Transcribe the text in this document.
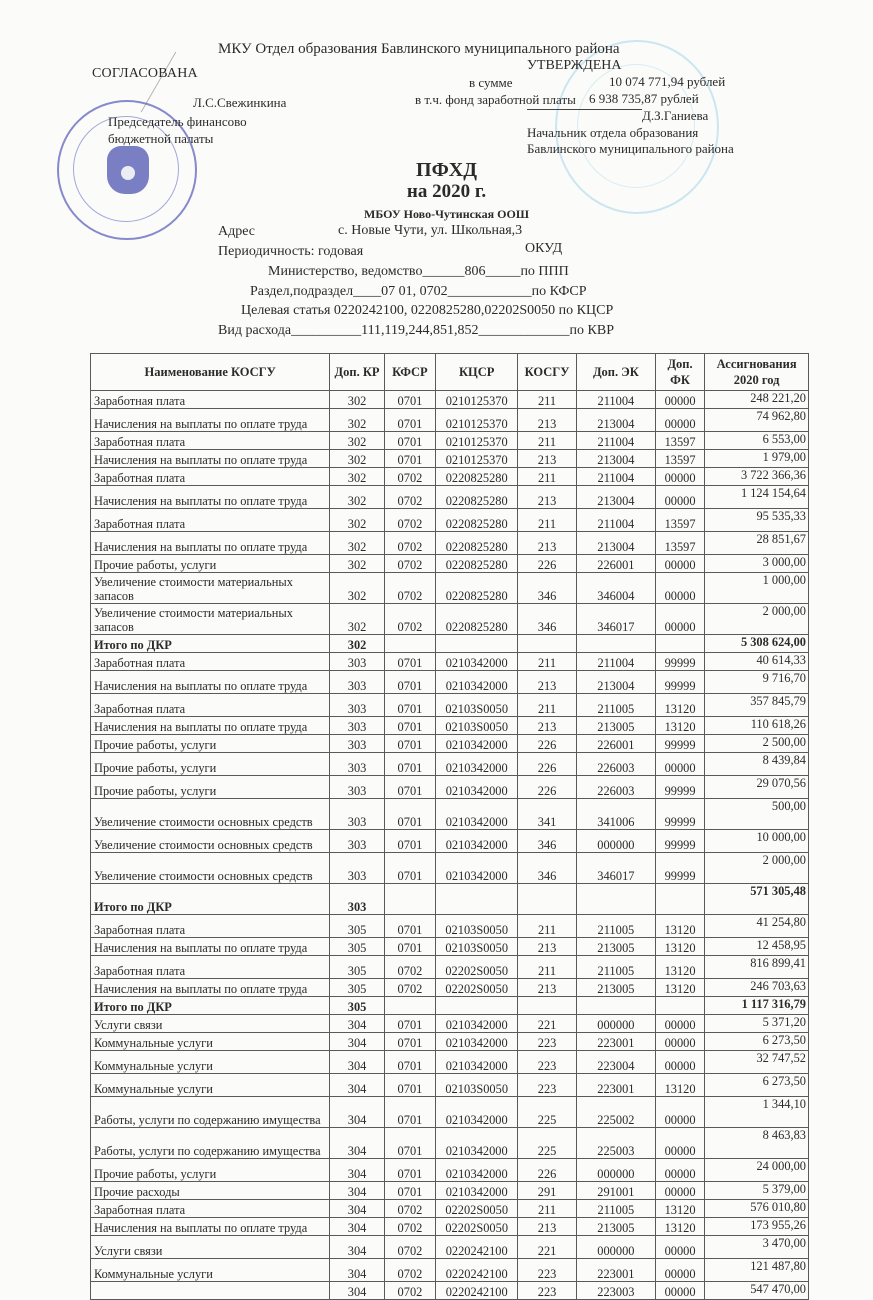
МКУ Отдел образования Бавлинского муниципального района
СОГЛАСОВАНА
Л.С.Свежинкина
Председатель финансово
бюджетной палаты
УТВЕРЖДЕНА
в сумме	10 074 771,94 рублей
в т.ч. фонд заработной платы 6 938 735,87 рублей
Д.З.Ганиева
Начальник отдела образования
Бавлинского муниципального района
ПФХД
на 2020 г.
МБОУ Ново-Чутинская ООШ
Адрес	с. Новые Чути, ул. Школьная,3
Периодичность: годовая	ОКУД
Министерство, ведомство______806_____по ППП
Раздел,подраздел____07 01, 0702____________по КФСР
Целевая статья 0220242100, 0220825280,02202S0050 по КЦСР
Вид расхода__________111,119,244,851,852_____________по КВР
Наименование КОСГУ	Доп. КР	КФСР	КЦСР	КОСГУ	Доп. ЭК	Доп. ФК	Ассигнования 2020 год
Заработная плата	302	0701	0210125370	211	211004	00000	248 221,20
Начисления на выплаты по оплате труда	302	0701	0210125370	213	213004	00000	74 962,80
Заработная плата	302	0701	0210125370	211	211004	13597	6 553,00
Начисления на выплаты по оплате труда	302	0701	0210125370	213	213004	13597	1 979,00
Заработная плата	302	0702	0220825280	211	211004	00000	3 722 366,36
Начисления на выплаты по оплате труда	302	0702	0220825280	213	213004	00000	1 124 154,64
Заработная плата	302	0702	0220825280	211	211004	13597	95 535,33
Начисления на выплаты по оплате труда	302	0702	0220825280	213	213004	13597	28 851,67
Прочие работы, услуги	302	0702	0220825280	226	226001	00000	3 000,00
Увеличение стоимости материальных запасов	302	0702	0220825280	346	346004	00000	1 000,00
Увеличение стоимости материальных запасов	302	0702	0220825280	346	346017	00000	2 000,00
Итого по ДКР	302						5 308 624,00
Заработная плата	303	0701	0210342000	211	211004	99999	40 614,33
Начисления на выплаты по оплате труда	303	0701	0210342000	213	213004	99999	9 716,70
Заработная плата	303	0701	02103S0050	211	211005	13120	357 845,79
Начисления на выплаты по оплате труда	303	0701	02103S0050	213	213005	13120	110 618,26
Прочие работы, услуги	303	0701	0210342000	226	226001	99999	2 500,00
Прочие работы, услуги	303	0701	0210342000	226	226003	00000	8 439,84
Прочие работы, услуги	303	0701	0210342000	226	226003	99999	29 070,56
Увеличение стоимости основных средств	303	0701	0210342000	341	341006	99999	500,00
Увеличение стоимости основных средств	303	0701	0210342000	346	000000	99999	10 000,00
Увеличение стоимости основных средств	303	0701	0210342000	346	346017	99999	2 000,00
Итого по ДКР	303						571 305,48
Заработная плата	305	0701	02103S0050	211	211005	13120	41 254,80
Начисления на выплаты по оплате труда	305	0701	02103S0050	213	213005	13120	12 458,95
Заработная плата	305	0702	02202S0050	211	211005	13120	816 899,41
Начисления на выплаты по оплате труда	305	0702	02202S0050	213	213005	13120	246 703,63
Итого по ДКР	305						1 117 316,79
Услуги связи	304	0701	0210342000	221	000000	00000	5 371,20
Коммунальные услуги	304	0701	0210342000	223	223001	00000	6 273,50
Коммунальные услуги	304	0701	0210342000	223	223004	00000	32 747,52
Коммунальные услуги	304	0701	02103S0050	223	223001	13120	6 273,50
Работы, услуги по содержанию имущества	304	0701	0210342000	225	225002	00000	1 344,10
Работы, услуги по содержанию имущества	304	0701	0210342000	225	225003	00000	8 463,83
Прочие работы, услуги	304	0701	0210342000	226	000000	00000	24 000,00
Прочие расходы	304	0701	0210342000	291	291001	00000	5 379,00
Заработная плата	304	0702	02202S0050	211	211005	13120	576 010,80
Начисления на выплаты по оплате труда	304	0702	02202S0050	213	213005	13120	173 955,26
Услуги связи	304	0702	0220242100	221	000000	00000	3 470,00
Коммунальные услуги	304	0702	0220242100	223	223001	00000	121 487,80
	304	0702	0220242100	223	223003	00000	547 470,00
